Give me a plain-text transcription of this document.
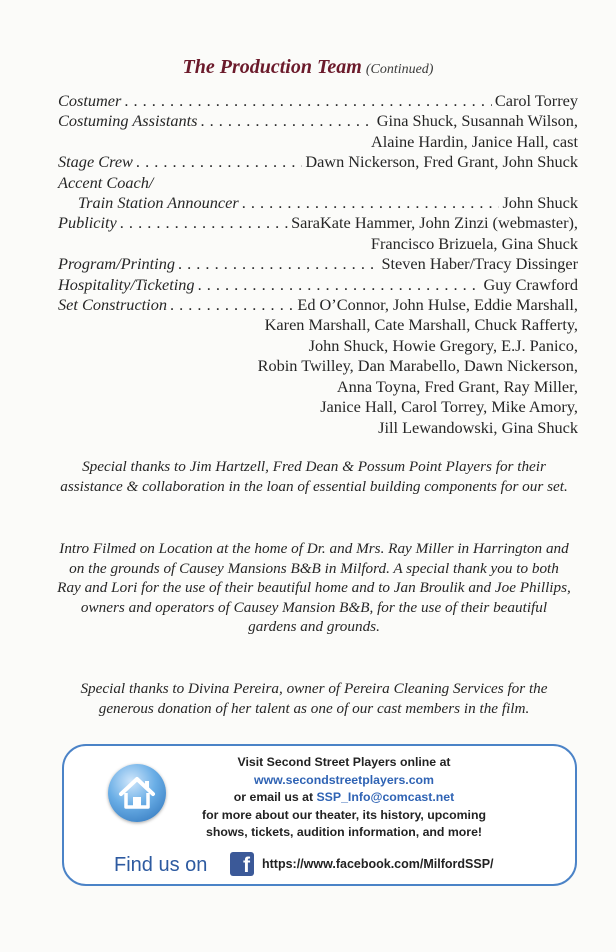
The Production Team (Continued)
Costumer . . .	Carol Torrey
Costuming Assistants . . .	Gina Shuck, Susannah Wilson,
Alaine Hardin, Janice Hall, cast
Stage Crew . . .	Dawn Nickerson, Fred Grant, John Shuck
Accent Coach/
Train Station Announcer . . .	John Shuck
Publicity . . .	SaraKate Hammer, John Zinzi (webmaster),
Francisco Brizuela, Gina Shuck
Program/Printing . . .	Steven Haber/Tracy Dissinger
Hospitality/Ticketing . . .	Guy Crawford
Set Construction . . .	Ed O’Connor, John Hulse, Eddie Marshall,
Karen Marshall, Cate Marshall, Chuck Rafferty,
John Shuck, Howie Gregory, E.J. Panico,
Robin Twilley, Dan Marabello, Dawn Nickerson,
Anna Toyna, Fred Grant, Ray Miller,
Janice Hall, Carol Torrey, Mike Amory,
Jill Lewandowski, Gina Shuck
Special thanks to Jim Hartzell, Fred Dean & Possum Point Players for their assistance & collaboration in the loan of essential building components for our set.
Intro Filmed on Location at the home of Dr. and Mrs. Ray Miller in Harrington and on the grounds of Causey Mansions B&B in Milford. A special thank you to both Ray and Lori for the use of their beautiful home and to Jan Broulik and Joe Phillips, owners and operators of Causey Mansion B&B, for the use of their beautiful gardens and grounds.
Special thanks to Divina Pereira, owner of Pereira Cleaning Services for the generous donation of her talent as one of our cast members in the film.
Visit Second Street Players online at
www.secondstreetplayers.com
or email us at SSP_Info@comcast.net
for more about our theater, its history, upcoming
shows, tickets, audition information, and more!
Find us on	f https://www.facebook.com/MilfordSSP/
